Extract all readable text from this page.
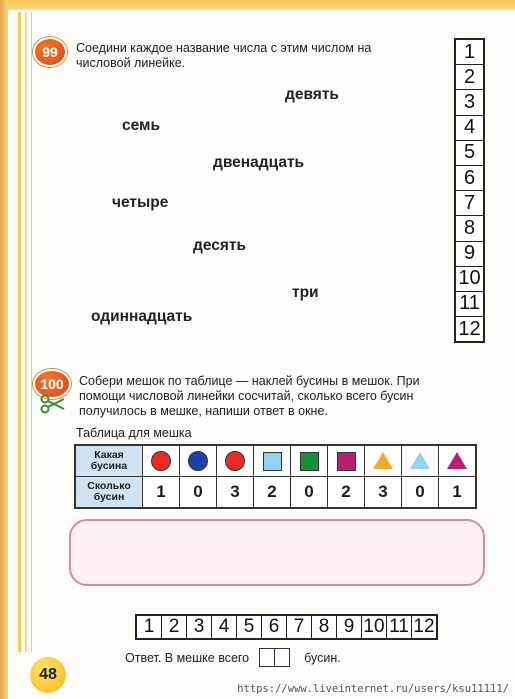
99	Соедини каждое название числа с этим числом на
числовой линейке.
девять
семь
двенадцать
четыре
десять
три
одиннадцать
1
2
3
4
5
6
7
8
9
10
11
12
100	Собери мешок по таблице — наклей бусины в мешок. При
помощи числовой линейки сосчитай, сколько всего бусин
получилось в мешке, напиши ответ в окне.
Таблица для мешка
Какая бусина									
Сколько бусин	1	0	3	2	0	2	3	0	1
1 2 3 4 5 6 7 8 9 10 11 12
Ответ. В мешке всего	бусин.
48
https://www.liveinternet.ru/users/ksu11111/
